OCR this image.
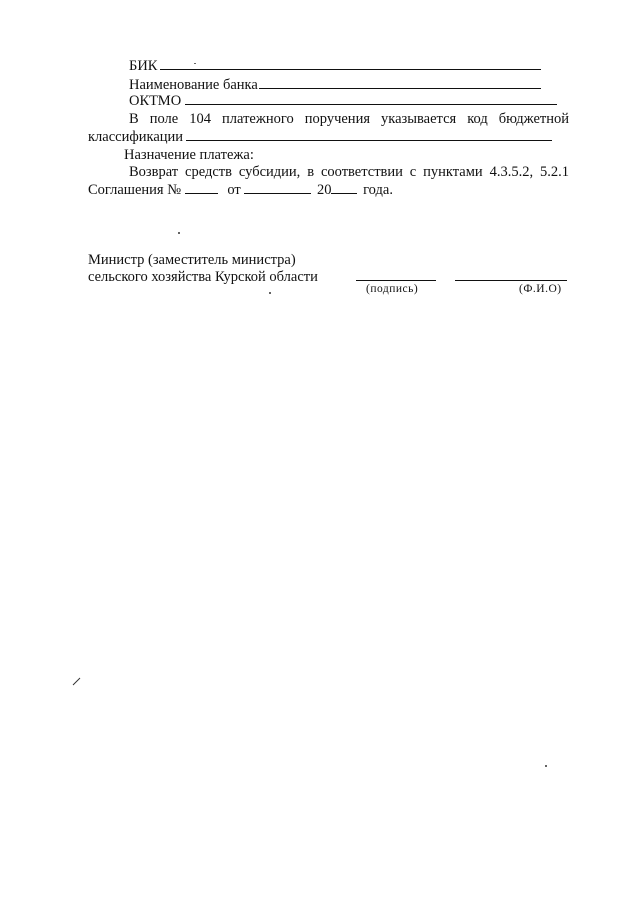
БИК
Наименование банка
ОКТМО
В поле 104 платежного поручения указывается код бюджетной
классификации
Назначение платежа:
Возврат средств субсидии, в соответствии с пунктами 4.3.5.2, 5.2.1
Соглашения №	от	20 года.
Министр (заместитель министра)
сельского хозяйства Курской области
(подпись)	(Ф.И.О)
